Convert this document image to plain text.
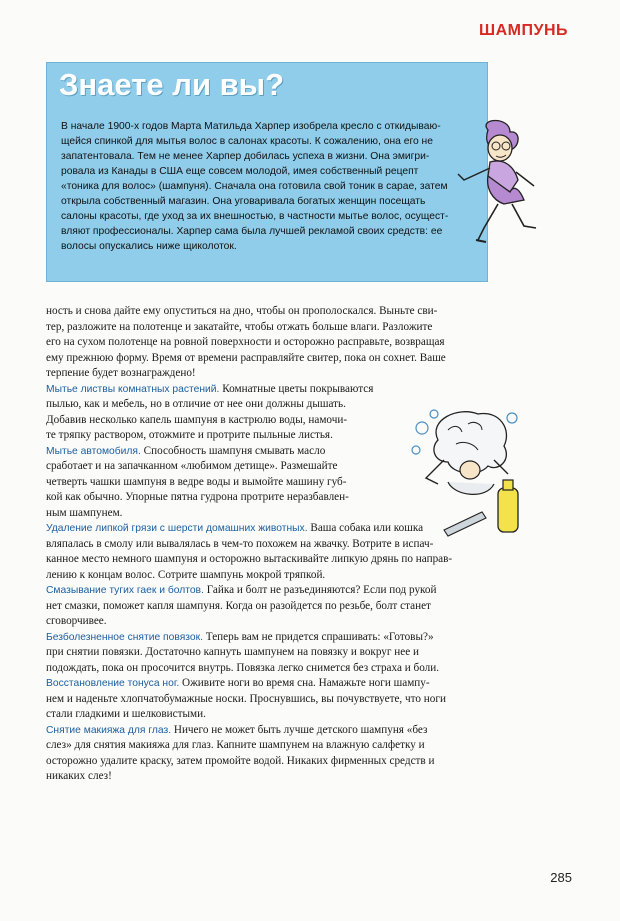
ШАМПУНЬ
Знаете ли вы?
В начале 1900-х годов Марта Матильда Харпер изобрела кресло с откидываю-
щейся спинкой для мытья волос в салонах красоты. К сожалению, она его не
запатентовала. Тем не менее Харпер добилась успеха в жизни. Она эмигри-
ровала из Канады в США еще совсем молодой, имея собственный рецепт
«тоника для волос» (шампуня). Сначала она готовила свой тоник в сарае, затем
открыла собственный магазин. Она уговаривала богатых женщин посещать
салоны красоты, где уход за их внешностью, в частности мытье волос, осущест-
вляют профессионалы. Харпер сама была лучшей рекламой своих средств: ее
волосы опускались ниже щиколоток.
ность и снова дайте ему опуститься на дно, чтобы он прополоскался. Выньте сви-
тер, разложите на полотенце и закатайте, чтобы отжать больше влаги. Разложите
его на сухом полотенце на ровной поверхности и осторожно расправьте, возвращая
ему прежнюю форму. Время от времени расправляйте свитер, пока он сохнет. Ваше
терпение будет вознаграждено!
Мытье листвы комнатных растений. Комнатные цветы покрываются
пылью, как и мебель, но в отличие от нее они должны дышать.
Добавив несколько капель шампуня в кастрюлю воды, намочи-
те тряпку раствором, отожмите и протрите пыльные листья.
Мытье автомобиля. Способность шампуня смывать масло
сработает и на запачканном «любимом детище». Размешайте
четверть чашки шампуня в ведре воды и вымойте машину губ-
кой как обычно. Упорные пятна гудрона протрите неразбавлен-
ным шампунем.
Удаление липкой грязи с шерсти домашних животных. Ваша собака или кошка
вляпалась в смолу или вывалялась в чем-то похожем на жвачку. Вотрите в испач-
канное место немного шампуня и осторожно вытаскивайте липкую дрянь по направ-
лению к концам волос. Сотрите шампунь мокрой тряпкой.
Смазывание тугих гаек и болтов. Гайка и болт не разъединяются? Если под рукой
нет смазки, поможет капля шампуня. Когда он разойдется по резьбе, болт станет
сговорчивее.
Безболезненное снятие повязок. Теперь вам не придется спрашивать: «Готовы?»
при снятии повязки. Достаточно капнуть шампунем на повязку и вокруг нее и
подождать, пока он просочится внутрь. Повязка легко снимется без страха и боли.
Восстановление тонуса ног. Оживите ноги во время сна. Намажьте ноги шампу-
нем и наденьте хлопчатобумажные носки. Проснувшись, вы почувствуете, что ноги
стали гладкими и шелковистыми.
Снятие макияжа для глаз. Ничего не может быть лучше детского шампуня «без
слез» для снятия макияжа для глаз. Капните шампунем на влажную салфетку и
осторожно удалите краску, затем промойте водой. Никаких фирменных средств и
никаких слез!
285
